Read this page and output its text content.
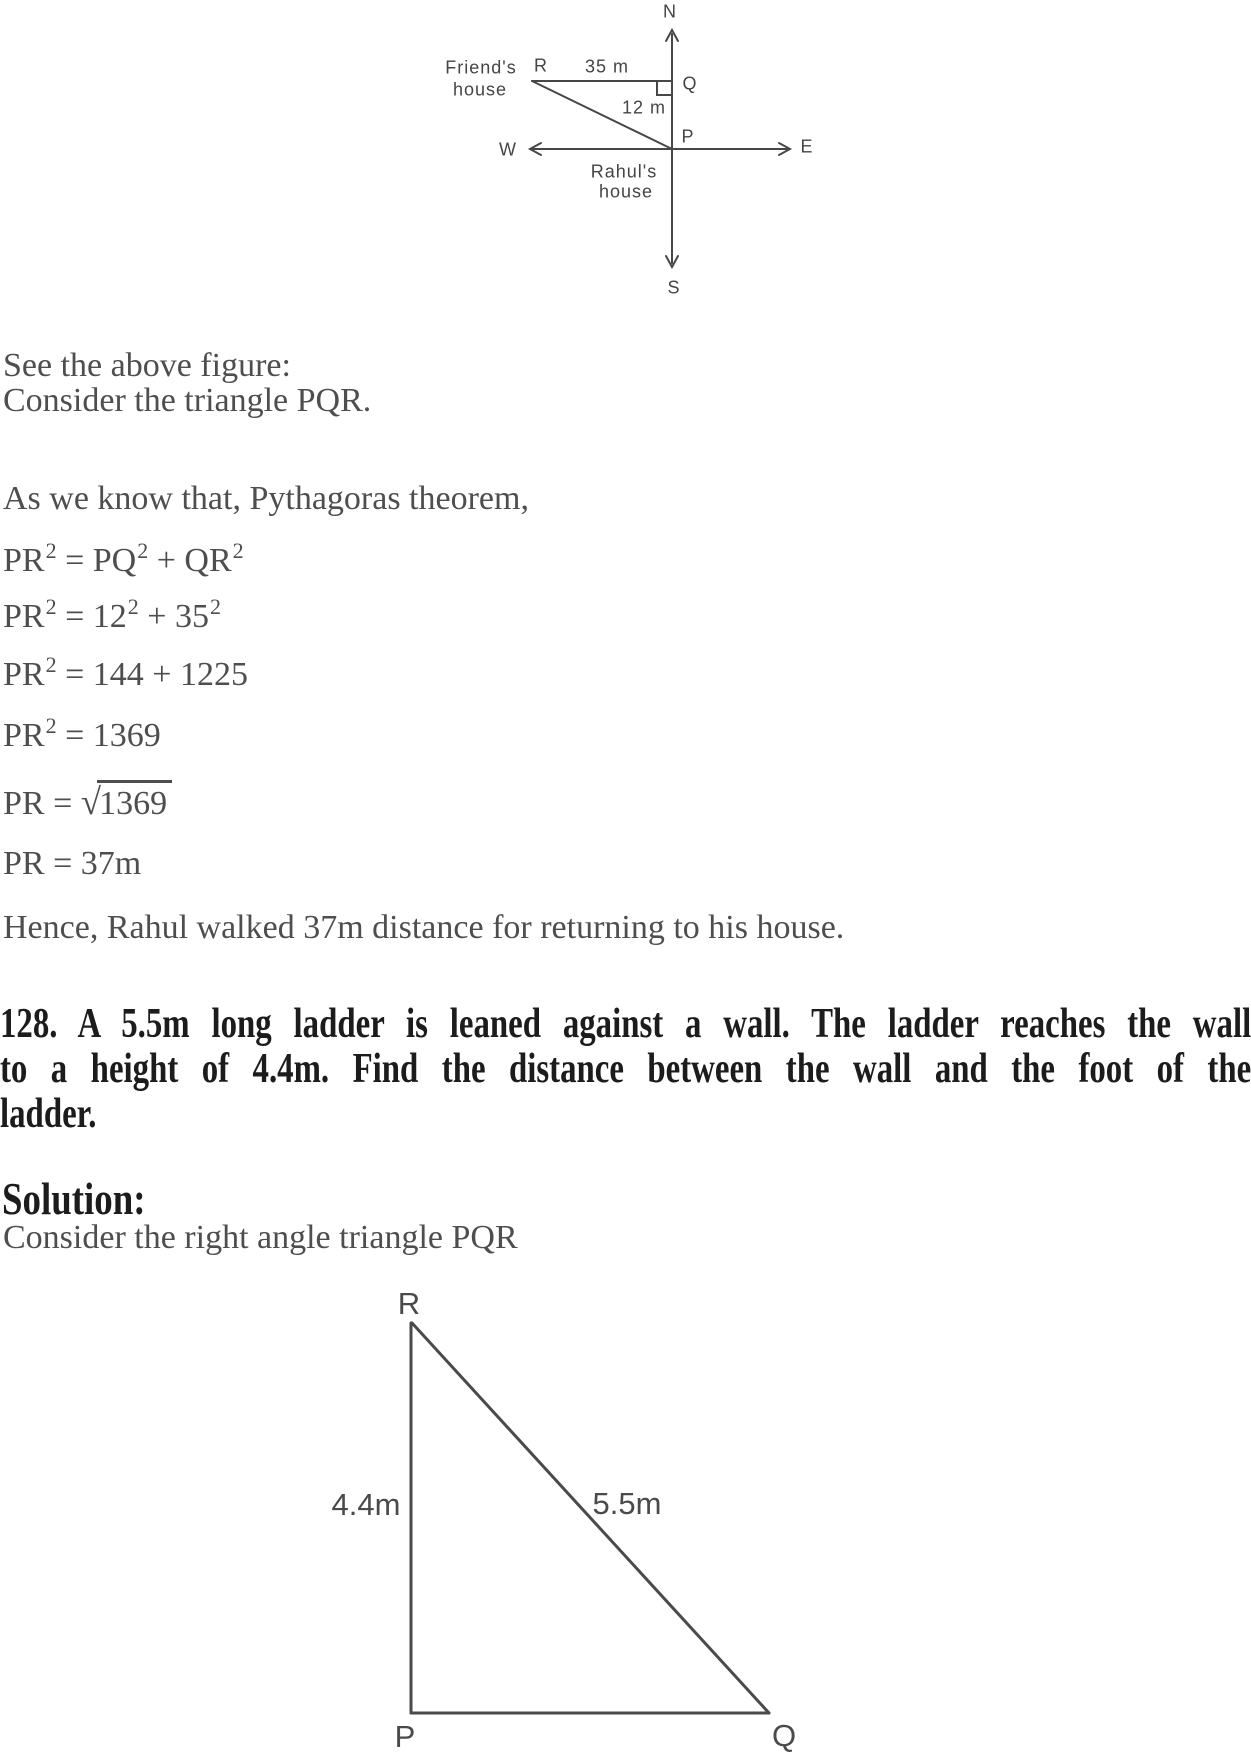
N
S
W	E
R
Q
P
35 m
12 m
Friend's
house
Rahul's
house
See the above figure:
Consider the triangle PQR.
As we know that, Pythagoras theorem,
$PR^2 = PQ^2 + QR^2$
$PR^2 = 12^2 + 35^2$
$PR^2 = 144 + 1225$
$PR^2 = 1369$
PR = √1369
PR = 37m
Hence, Rahul walked 37m distance for returning to his house.
128. A 5.5m long ladder is leaned against a wall. The ladder reaches the wall
to a height of 4.4m. Find the distance between the wall and the foot of the
ladder.
Solution:
Consider the right angle triangle PQR
R
P	Q
4.4m	5.5m
